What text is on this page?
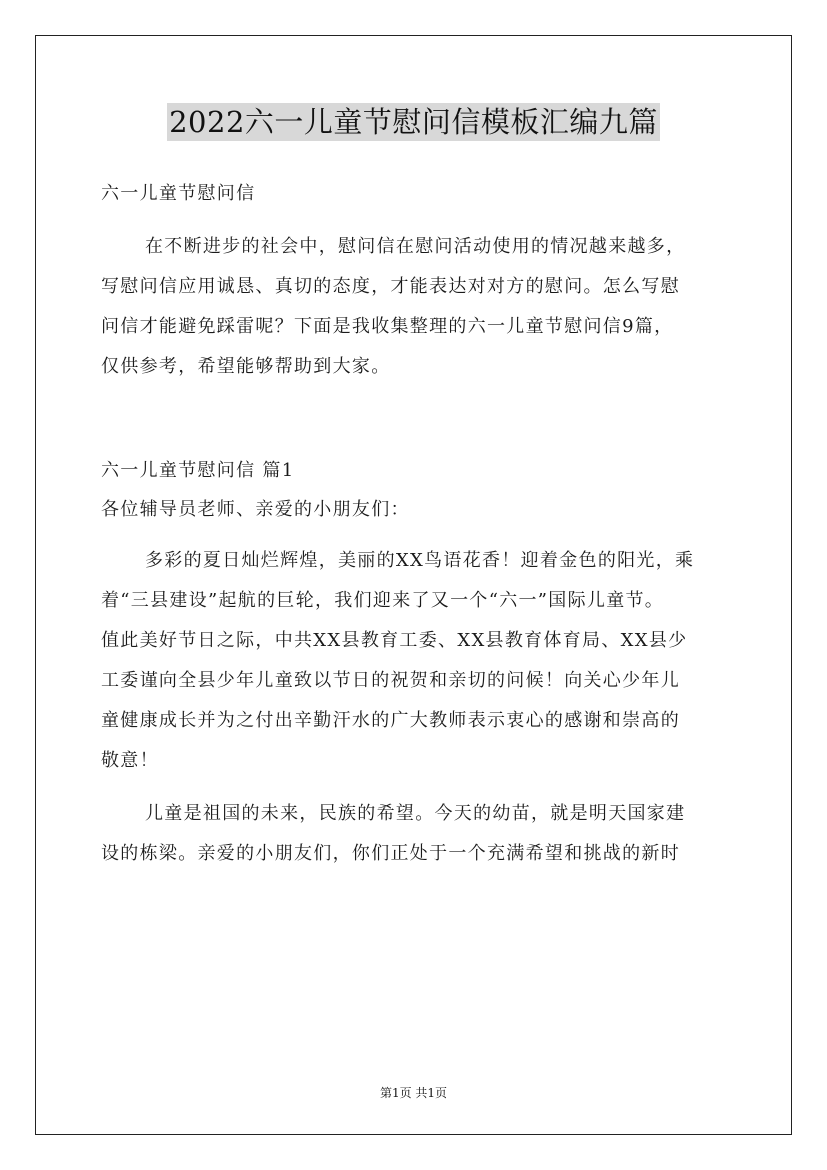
2022六一儿童节慰问信模板汇编九篇
六一儿童节慰问信
在不断进步的社会中，慰问信在慰问活动使用的情况越来越多，
写慰问信应用诚恳、真切的态度，才能表达对对方的慰问。怎么写慰
问信才能避免踩雷呢？下面是我收集整理的六一儿童节慰问信9篇，
仅供参考，希望能够帮助到大家。
六一儿童节慰问信 篇1
各位辅导员老师、亲爱的小朋友们：
多彩的夏日灿烂辉煌，美丽的XX鸟语花香！迎着金色的阳光，乘
着“三县建设”起航的巨轮，我们迎来了又一个“六一”国际儿童节。
值此美好节日之际，中共XX县教育工委、XX县教育体育局、XX县少
工委谨向全县少年儿童致以节日的祝贺和亲切的问候！向关心少年儿
童健康成长并为之付出辛勤汗水的广大教师表示衷心的感谢和崇高的
敬意！
儿童是祖国的未来，民族的希望。今天的幼苗，就是明天国家建
设的栋梁。亲爱的小朋友们，你们正处于一个充满希望和挑战的新时
第1页 共1页
